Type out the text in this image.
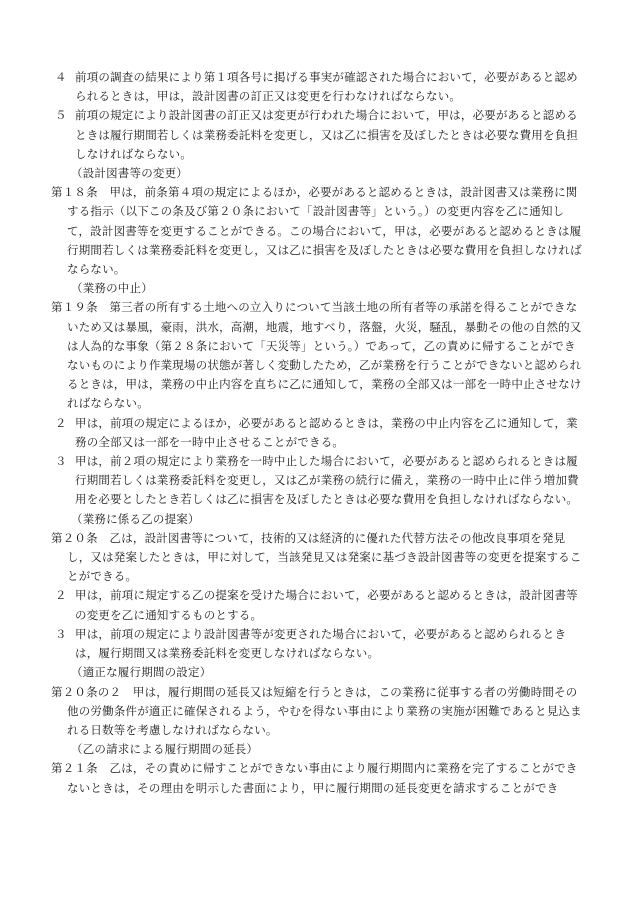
４ 前項の調査の結果により第１項各号に掲げる事実が確認された場合において，必要があると認められるときは，甲は，設計図書の訂正又は変更を行わなければならない。

５ 前項の規定により設計図書の訂正又は変更が行われた場合において，甲は，必要があると認めるときは履行期間若しくは業務委託料を変更し，又は乙に損害を及ぼしたときは必要な費用を負担しなければならない。

（設計図書等の変更）

第１８条　甲は，前条第４項の規定によるほか，必要があると認めるときは，設計図書又は業務に関する指示（以下この条及び第２０条において「設計図書等」という。）の変更内容を乙に通知して，設計図書等を変更することができる。この場合において，甲は，必要があると認めるときは履行期間若しくは業務委託料を変更し，又は乙に損害を及ぼしたときは必要な費用を負担しなければならない。

（業務の中止）

第１９条　第三者の所有する土地への立入りについて当該土地の所有者等の承諾を得ることができないため又は暴風，豪雨，洪水，高潮，地震，地すべり，落盤，火災，騒乱，暴動その他の自然的又は人為的な事象（第２８条において「天災等」という。）であって，乙の責めに帰することができないものにより作業現場の状態が著しく変動したため，乙が業務を行うことができないと認められるときは，甲は，業務の中止内容を直ちに乙に通知して，業務の全部又は一部を一時中止させなければならない。

２ 甲は，前項の規定によるほか，必要があると認めるときは，業務の中止内容を乙に通知して，業務の全部又は一部を一時中止させることができる。

３ 甲は，前２項の規定により業務を一時中止した場合において，必要があると認められるときは履行期間若しくは業務委託料を変更し，又は乙が業務の続行に備え，業務の一時中止に伴う増加費用を必要としたとき若しくは乙に損害を及ぼしたときは必要な費用を負担しなければならない。

（業務に係る乙の提案）

第２０条　乙は，設計図書等について，技術的又は経済的に優れた代替方法その他改良事項を発見し，又は発案したときは，甲に対して，当該発見又は発案に基づき設計図書等の変更を提案することができる。

２ 甲は，前項に規定する乙の提案を受けた場合において，必要があると認めるときは，設計図書等の変更を乙に通知するものとする。

３ 甲は，前項の規定により設計図書等が変更された場合において，必要があると認められるときは，履行期間又は業務委託料を変更しなければならない。

（適正な履行期間の設定）

第２０条の２　甲は，履行期間の延長又は短縮を行うときは，この業務に従事する者の労働時間その他の労働条件が適正に確保されるよう，やむを得ない事由により業務の実施が困難であると見込まれる日数等を考慮しなければならない。

（乙の請求による履行期間の延長）

第２１条　乙は，その責めに帰すことができない事由により履行期間内に業務を完了することができないときは，その理由を明示した書面により，甲に履行期間の延長変更を請求することができ
